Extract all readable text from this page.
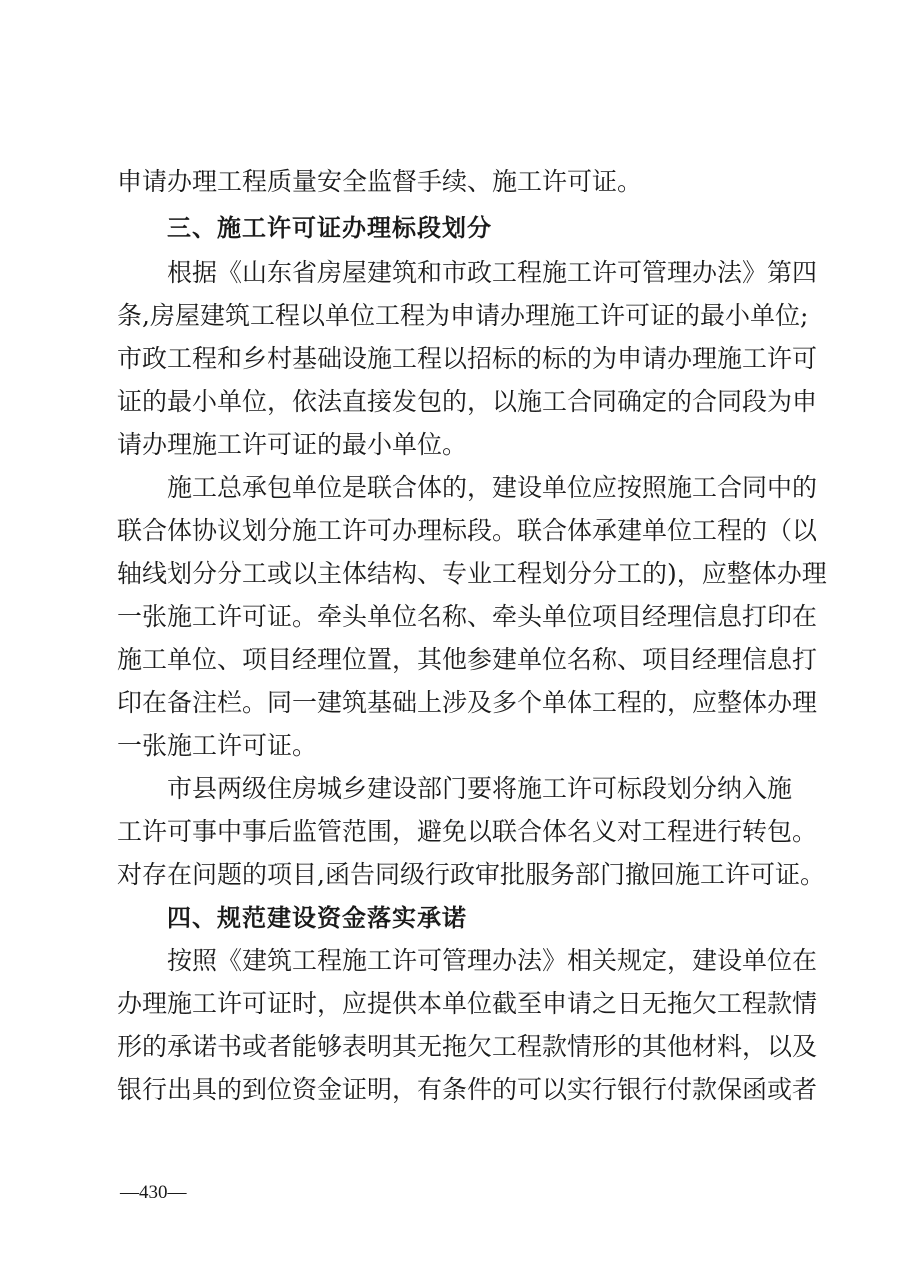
申请办理工程质量安全监督手续、施工许可证。
三、施工许可证办理标段划分
根据《山东省房屋建筑和市政工程施工许可管理办法》第四
条,房屋建筑工程以单位工程为申请办理施工许可证的最小单位;
市政工程和乡村基础设施工程以招标的标的为申请办理施工许可
证的最小单位，依法直接发包的，以施工合同确定的合同段为申
请办理施工许可证的最小单位。
施工总承包单位是联合体的，建设单位应按照施工合同中的
联合体协议划分施工许可办理标段。联合体承建单位工程的（以
轴线划分分工或以主体结构、专业工程划分分工的)，应整体办理
一张施工许可证。牵头单位名称、牵头单位项目经理信息打印在
施工单位、项目经理位置，其他参建单位名称、项目经理信息打
印在备注栏。同一建筑基础上涉及多个单体工程的，应整体办理
一张施工许可证。
市县两级住房城乡建设部门要将施工许可标段划分纳入施
工许可事中事后监管范围，避免以联合体名义对工程进行转包。
对存在问题的项目,函告同级行政审批服务部门撤回施工许可证。
四、规范建设资金落实承诺
按照《建筑工程施工许可管理办法》相关规定，建设单位在
办理施工许可证时，应提供本单位截至申请之日无拖欠工程款情
形的承诺书或者能够表明其无拖欠工程款情形的其他材料，以及
银行出具的到位资金证明，有条件的可以实行银行付款保函或者
—430—
